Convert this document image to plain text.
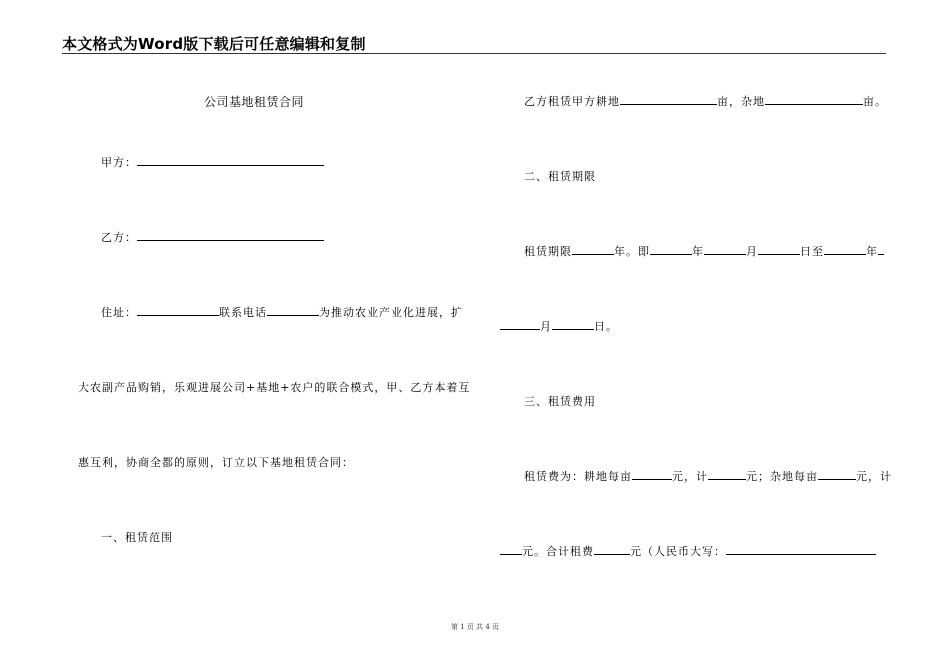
本文格式为Word版下载后可任意编辑和复制
公司基地租赁合同
甲方：
乙方：
住址：	联系电话	为推动农业产业化进展，扩
大农副产品购销，乐观进展公司+基地+农户的联合模式，甲、乙方本着互
惠互利，协商全都的原则，订立以下基地租赁合同：
一、租赁范围
乙方租赁甲方耕地	亩，杂地	亩。
二、租赁期限
租赁期限	年。即	年	月	日至	年
月	日。
三、租赁费用
租赁费为：耕地每亩	元，计	元；杂地每亩	元，计
元。合计租费	元（人民币大写：
第 1 页 共 4 页
